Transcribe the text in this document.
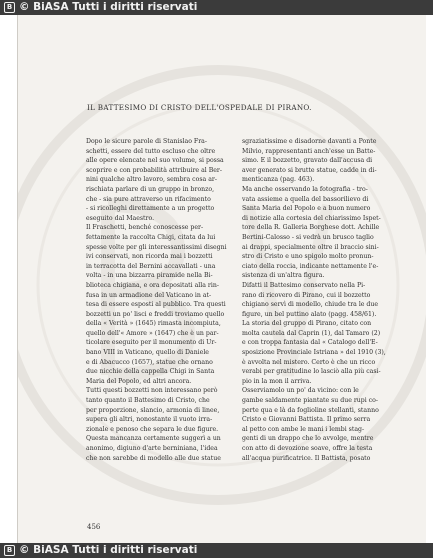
B © BiASA Tutti i diritti riservati
IL BATTESIMO DI CRISTO DELL'OSPEDALE DI PIRANO.
Dopo le sicure parole di Stanislao Fra-
schetti, essere del tutto escluso che oltre
alle opere elencate nel suo volume, si possa
scoprire e con probabilità attribuire al Ber-
nini qualche altro lavoro, sembra cosa ar-
rischiata parlare di un gruppo in bronzo,
che - sia pure attraverso un rifacimento
- si ricolleghi direttamente a un progetto
eseguito dal Maestro.
Il Fraschetti, benché conoscesse per-
fettamente la raccolta Chigi, citata da lui
spesse volte per gli interessantissimi disegni
ivi conservati, non ricorda mai i bozzetti
in terracotta del Bernini accavallati - una
volta - in una bizzarra piramide nella Bi-
blioteca chigiana, e ora depositati alla rin-
fusa in un armadione del Vaticano in at-
tesa di essere esposti al pubblico. Tra questi
bozzetti un po' lisci e freddi troviamo quello
della « Verità » (1645) rimasta incompiuta,
quello dell'« Amore » (1647) che è un par-
ticolare eseguito per il monumento di Ur-
bano VIII in Vaticano, quello di Daniele
e di Abacucco (1657), statue che ornano
due nicchie della cappella Chigi in Santa
Maria del Popolo, ed altri ancora.
Tutti questi bozzetti non interessano però
tanto quanto il Battesimo di Cristo, che
per proporzione, slancio, armonia di linee,
supera gli altri, nonostante il vuoto irra-
zionale e penoso che separa le due figure.
Questa mancanza certamente suggerì a un
anonimo, digiuno d'arte berniniana, l'idea
che non sarebbe di modello alle due statue
sgraziatissime e disadorne davanti a Ponte
Milvio, rappresentanti anch'esse un Batte-
simo. E il bozzetto, gravato dall'accusa di
aver generato si brutte statue, cadde in di-
menticanza (pag. 463).
Ma anche osservando la fotografia - tro-
vata assieme a quella del bassorilievo di
Santa Maria del Popolo e a buon numero
di notizie alla cortesia del chiarissimo Ispet-
tore della R. Galleria Borghese dott. Achille
Bertini-Calosso - si vedrà un brusco taglio
ai drappi, specialmente oltre il braccio sini-
stro di Cristo e uno spigolo molto pronun-
ciato della roccia, indicante nettamente l'e-
sistenza di un'altra figura.
Difatti il Battesimo conservato nella Pi-
rano di ricovero di Pirano, cui il bozzetto
chigiano servì di modello, chiude tra le due
figure, un bel puttino alato (pagg. 458/61).
La storia del gruppo di Pirano, citato con
molta cautela dal Caprin (1), dal Tamaro (2)
e con troppa fantasia dal « Catalogo dell'E-
sposizione Provinciale Istriana » del 1910 (3),
è avvolta nel mistero. Certo è che un ricco
verabi per gratitudine lo lasciò alla più casi-
pio in la mon il arriva.
Osserviamolo un po' da vicino: con le
gambe saldamente piantate su due rupi co-
perte qua e là da foglioline stellanti, stanno
Cristo e Giovanni Battista. Il primo serra
al petto con ambe le mani i lembi stag-
genti di un drappo che lo avvolge, mentre
con atto di devozione soave, offre la testa
all'acqua purificatrice. Il Battista, posato
456
B © BiASA Tutti i diritti riservati
